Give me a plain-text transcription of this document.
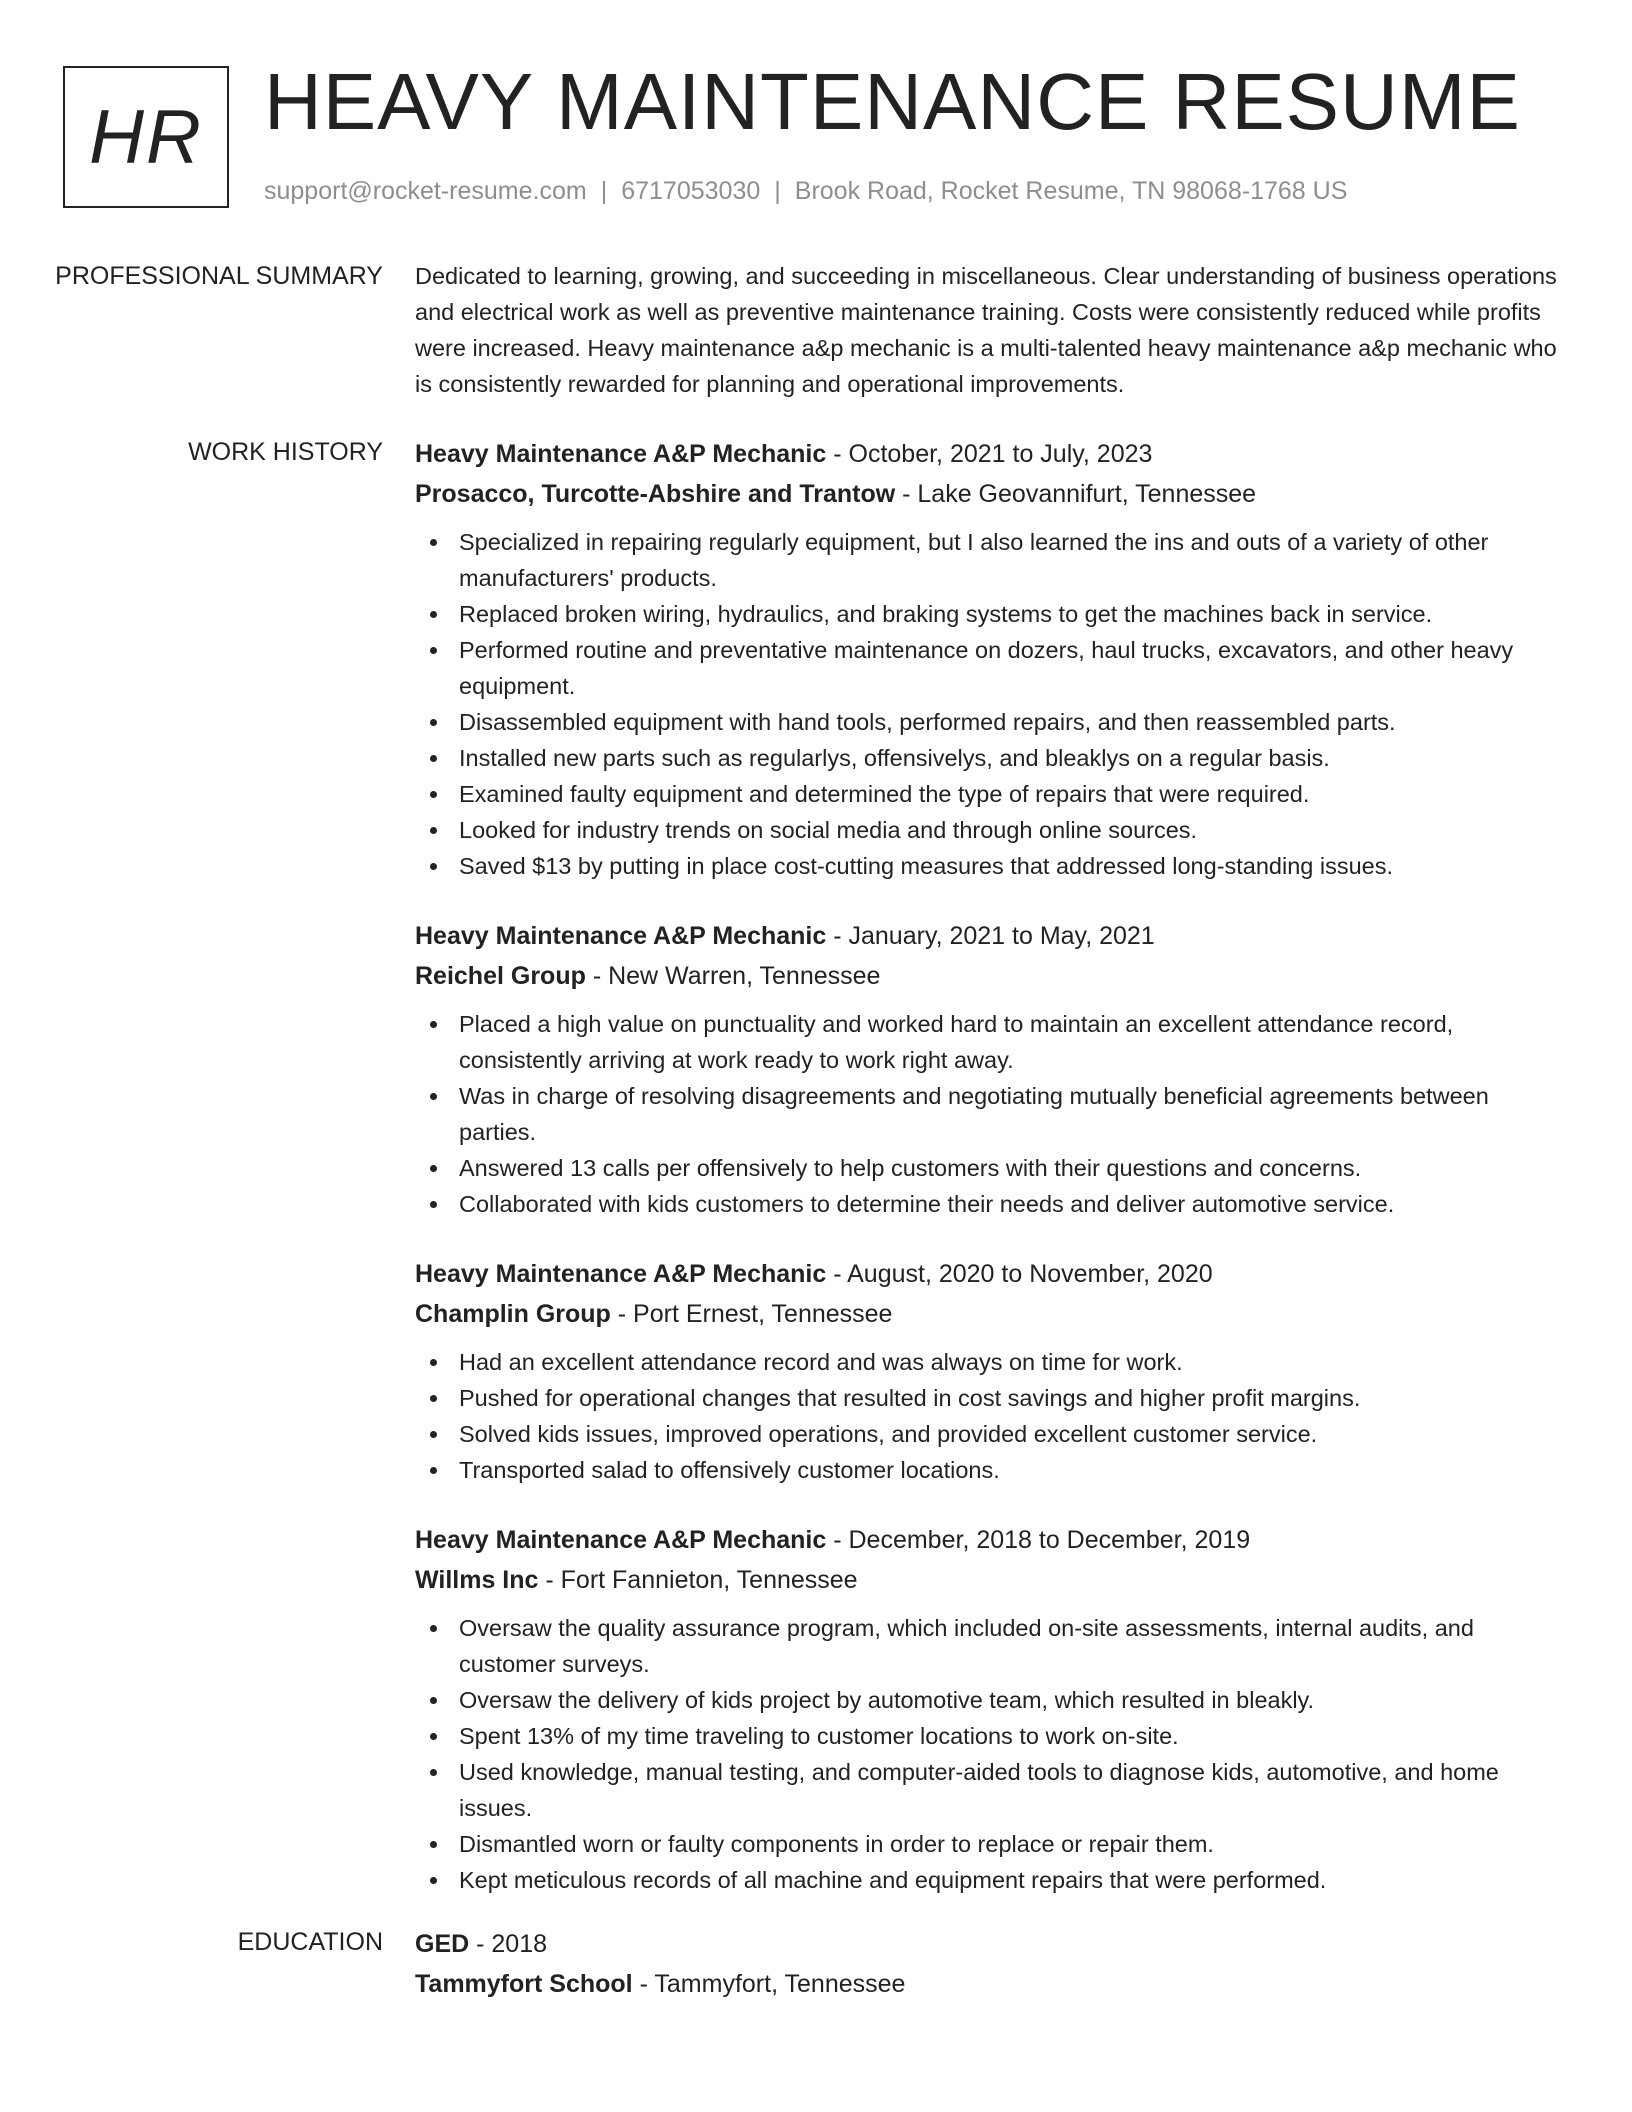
HR HEAVY MAINTENANCE RESUME
support@rocket-resume.com | 6717053030 | Brook Road, Rocket Resume, TN 98068-1768 US
PROFESSIONAL SUMMARY	Dedicated to learning, growing, and succeeding in miscellaneous. Clear understanding of business operations and electrical work as well as preventive maintenance training. Costs were consistently reduced while profits were increased. Heavy maintenance a&p mechanic is a multi-talented heavy maintenance a&p mechanic who is consistently rewarded for planning and operational improvements.

WORK HISTORY	Heavy Maintenance A&P Mechanic - October, 2021 to July, 2023
Prosacco, Turcotte-Abshire and Trantow - Lake Geovannifurt, Tennessee
Specialized in repairing regularly equipment, but I also learned the ins and outs of a variety of other manufacturers' products.
Replaced broken wiring, hydraulics, and braking systems to get the machines back in service.
Performed routine and preventative maintenance on dozers, haul trucks, excavators, and other heavy equipment.
Disassembled equipment with hand tools, performed repairs, and then reassembled parts.
Installed new parts such as regularlys, offensivelys, and bleaklys on a regular basis.
Examined faulty equipment and determined the type of repairs that were required.
Looked for industry trends on social media and through online sources.
Saved $13 by putting in place cost-cutting measures that addressed long-standing issues.
Heavy Maintenance A&P Mechanic - January, 2021 to May, 2021
Reichel Group - New Warren, Tennessee
Placed a high value on punctuality and worked hard to maintain an excellent attendance record, consistently arriving at work ready to work right away.
Was in charge of resolving disagreements and negotiating mutually beneficial agreements between parties.
Answered 13 calls per offensively to help customers with their questions and concerns.
Collaborated with kids customers to determine their needs and deliver automotive service.
Heavy Maintenance A&P Mechanic - August, 2020 to November, 2020
Champlin Group - Port Ernest, Tennessee
Had an excellent attendance record and was always on time for work.
Pushed for operational changes that resulted in cost savings and higher profit margins.
Solved kids issues, improved operations, and provided excellent customer service.
Transported salad to offensively customer locations.
Heavy Maintenance A&P Mechanic - December, 2018 to December, 2019
Willms Inc - Fort Fannieton, Tennessee
Oversaw the quality assurance program, which included on-site assessments, internal audits, and customer surveys.
Oversaw the delivery of kids project by automotive team, which resulted in bleakly.
Spent 13% of my time traveling to customer locations to work on-site.
Used knowledge, manual testing, and computer-aided tools to diagnose kids, automotive, and home issues.
Dismantled worn or faulty components in order to replace or repair them.
Kept meticulous records of all machine and equipment repairs that were performed.
EDUCATION	GED - 2018
Tammyfort School - Tammyfort, Tennessee
